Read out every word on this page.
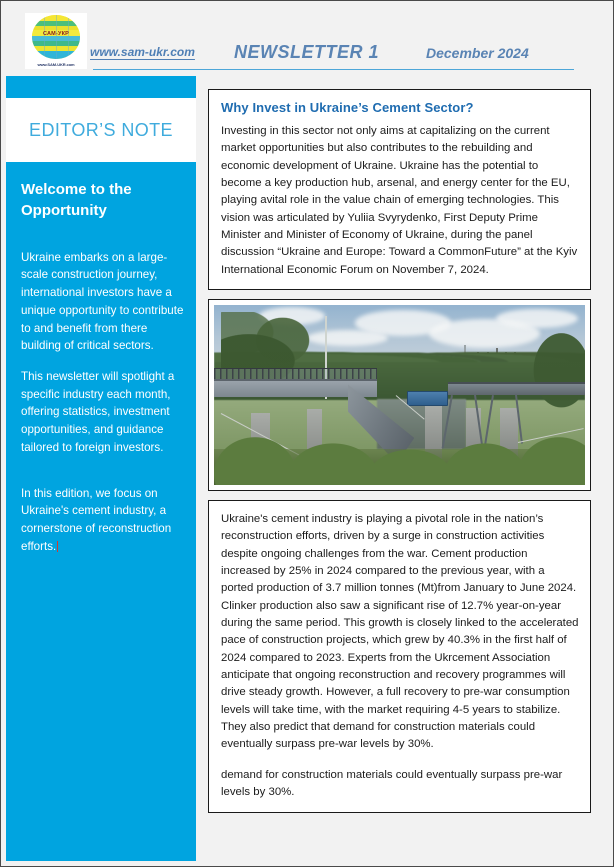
САМ-УКР
www.SAM-UKR.com
www.sam-ukr.com NEWSLETTER 1	December 2024
EDITOR’S NOTE
Welcome to the Opportunity

Ukraine embarks on a large-scale construction journey, international investors have a unique opportunity to contribute to and benefit from there building of critical sectors.

This newsletter will spotlight a specific industry each month, offering statistics, investment opportunities, and guidance tailored to foreign investors.

In this edition, we focus on Ukraine's cement industry, a cornerstone of reconstruction efforts.

Why Invest in Ukraine’s Cement Sector?
Investing in this sector not only aims at capitalizing on the current market opportunities but also contributes to the rebuilding and economic development of Ukraine. Ukraine has the potential to become a key production hub, arsenal, and energy center for the EU, playing avital role in the value chain of emerging technologies. This vision was articulated by Yuliia Svyrydenko, First Deputy Prime Minister and Minister of Economy of Ukraine, during the panel discussion “Ukraine and Europe: Toward a CommonFuture” at the Kyiv International Economic Forum on November 7, 2024.

Ukraine's cement industry is playing a pivotal role in the nation’s reconstruction efforts, driven by a surge in construction activities despite ongoing challenges from the war. Cement production increased by 25% in 2024 compared to the previous year, with a ported production of 3.7 million tonnes (Mt)from January to June 2024. Clinker production also saw a significant rise of 12.7% year-on-year during the same period. This growth is closely linked to the accelerated pace of construction projects, which grew by 40.3% in the first half of 2024 compared to 2023. Experts from the Ukrcement Association anticipate that ongoing reconstruction and recovery programmes will drive steady growth. However, a full recovery to pre-war consumption levels will take time, with the market requiring 4-5 years to stabilize. They also predict that demand for construction materials could eventually surpass pre-war levels by 30%.

demand for construction materials could eventually surpass pre-war levels by 30%.
